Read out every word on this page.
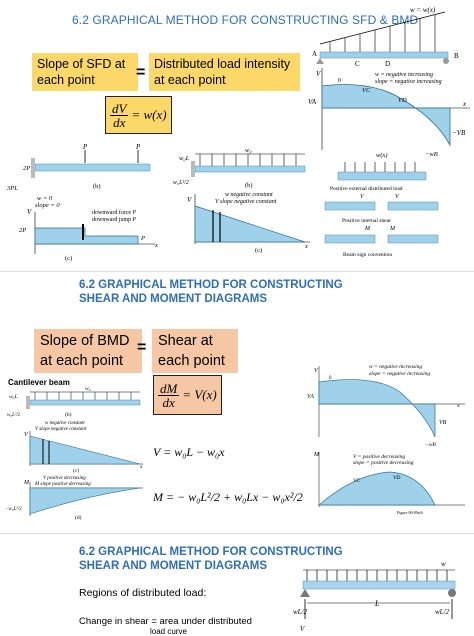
6.2 GRAPHICAL METHOD FOR CONSTRUCTING SFD & BMD
Slope of SFD at each point	= Distributed load intensity at each point
$\frac{dV}{dx} = w(x)$
w = w(x)
A	B
C	D
V
x
VA
−VB
−wB
VC
VD
0
w = negative increasing
slope = negative increasing
P	P
2P
3PL	(b)
w = 0
slope = 0
downward force P
downward jump P
V
2P
P
x
(c)
w₀L
w₀
w₀L²/2	(b)
w negative constant
V slope negative constant
V
x
(c)
w(x)
Positive external distributed load
V	V
Positive internal shear
M	M
Beam sign convention
6.2 GRAPHICAL METHOD FOR CONSTRUCTING
SHEAR AND MOMENT DIAGRAMS
Slope of BMD at each point
= Shear at each point
$\frac{dM}{dx} = V(x)$
Cantilever beam
w₀
w₀L
w₀L²/2	(b)
w negative constant
V slope negative constant
V
x
(c)
V positive decreasing
M slope positive decreasing
M
−w₀L²/2
(d)
V = w₀L − w₀x
M = − w₀L²/2 + w₀Lx − w₀x²/2
V
VA
VB
−wB
0
w = negative increasing
slope = negative increasing
x
M	V = positive decreasing
slope = positive decreasing
VC	VD
Figure 06-09a/b
6.2 GRAPHICAL METHOD FOR CONSTRUCTING
SHEAR AND MOMENT DIAGRAMS
Regions of distributed load:
Change in shear = area under distributed
load curve
w
L
wL/2	wL/2
V
